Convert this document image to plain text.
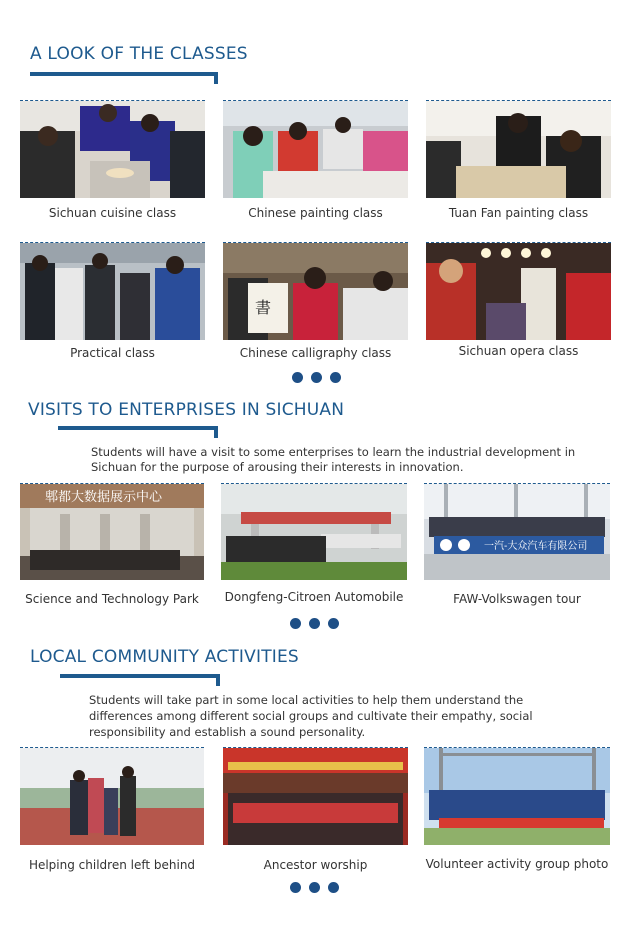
A LOOK OF THE CLASSES
Sichuan cuisine class	Chinese painting class	Tuan Fan painting class
Practical class
書
Chinese calligraphy class	Sichuan opera class
VISITS TO ENTERPRISES IN SICHUAN
Students will have a visit to some enterprises to learn the industrial development in
Sichuan for the purpose of arousing their interests in innovation.
郫都大数据展示中心
Science and Technology Park	Dongfeng-Citroen Automobile
一汽-大众汽车有限公司
FAW-Volkswagen tour
LOCAL COMMUNITY ACTIVITIES
Students will take part in some local activities to help them understand the
differences among different social groups and cultivate their empathy, social
responsibility and establish a sound personality.
Helping children left behind	Ancestor worship	Volunteer activity group photo
